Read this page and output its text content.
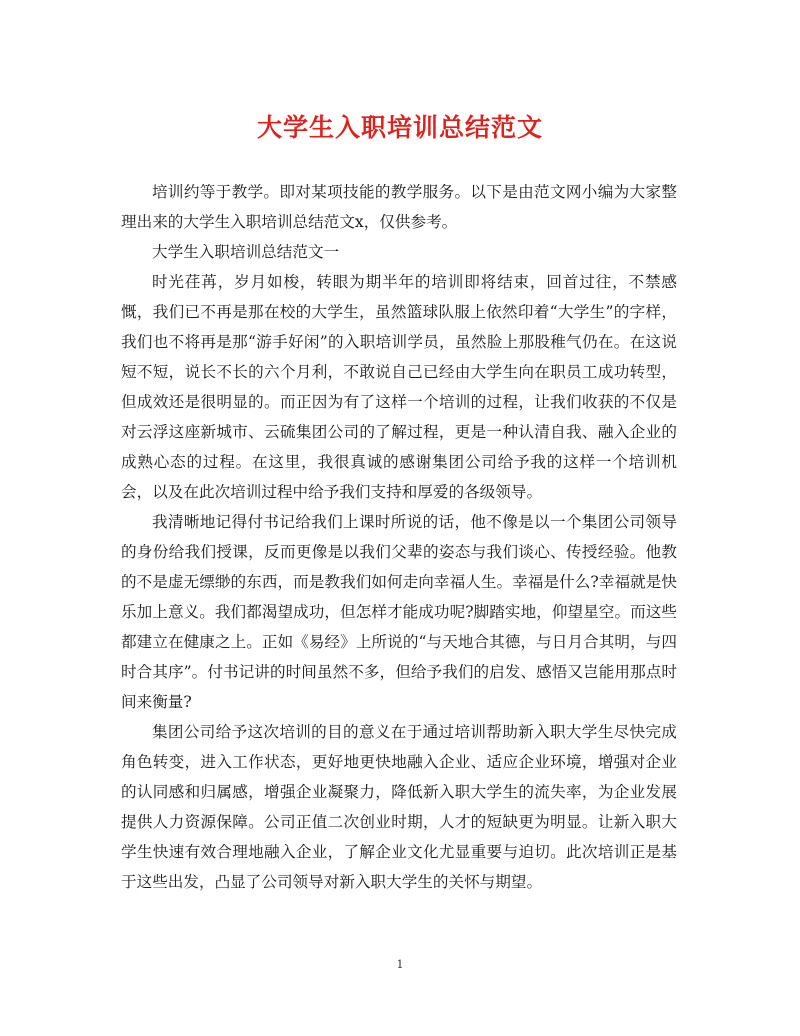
大学生入职培训总结范文

培训约等于教学。即对某项技能的教学服务。以下是由范文网小编为大家整理出来的大学生入职培训总结范文x，仅供参考。

大学生入职培训总结范文一

时光荏苒，岁月如梭，转眼为期半年的培训即将结束，回首过往，不禁感慨，我们已不再是那在校的大学生，虽然篮球队服上依然印着“大学生”的字样，我们也不将再是那“游手好闲”的入职培训学员，虽然脸上那股稚气仍在。在这说短不短，说长不长的六个月利，不敢说自己已经由大学生向在职员工成功转型，但成效还是很明显的。而正因为有了这样一个培训的过程，让我们收获的不仅是对云浮这座新城市、云硫集团公司的了解过程，更是一种认清自我、融入企业的成熟心态的过程。在这里，我很真诚的感谢集团公司给予我的这样一个培训机会，以及在此次培训过程中给予我们支持和厚爱的各级领导。

我清晰地记得付书记给我们上课时所说的话，他不像是以一个集团公司领导的身份给我们授课，反而更像是以我们父辈的姿态与我们谈心、传授经验。他教的不是虚无缥缈的东西，而是教我们如何走向幸福人生。幸福是什么?幸福就是快乐加上意义。我们都渴望成功，但怎样才能成功呢?脚踏实地，仰望星空。而这些都建立在健康之上。正如《易经》上所说的“与天地合其德，与日月合其明，与四时合其序”。付书记讲的时间虽然不多，但给予我们的启发、感悟又岂能用那点时间来衡量?

集团公司给予这次培训的目的意义在于通过培训帮助新入职大学生尽快完成角色转变，进入工作状态，更好地更快地融入企业、适应企业环境，增强对企业的认同感和归属感，增强企业凝聚力，降低新入职大学生的流失率，为企业发展提供人力资源保障。公司正值二次创业时期，人才的短缺更为明显。让新入职大学生快速有效合理地融入企业，了解企业文化尤显重要与迫切。此次培训正是基于这些出发，凸显了公司领导对新入职大学生的关怀与期望。

1
